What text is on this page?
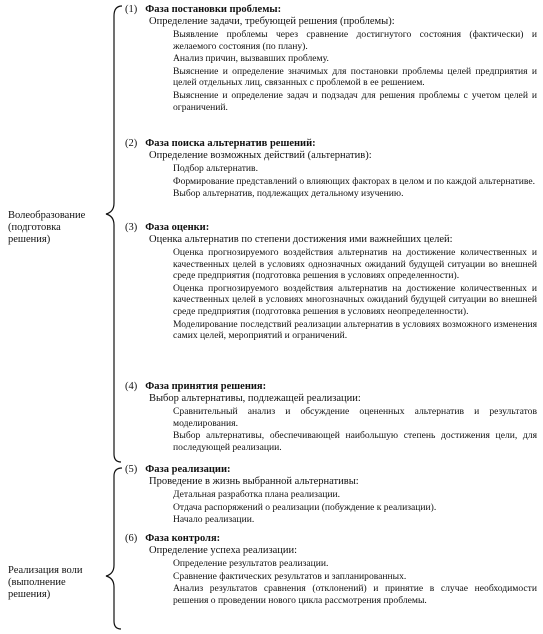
Волеобразование
(подготовка
решения)
Реализация воли
(выполнение
решения)
(1) Фаза постановки проблемы:
Определение задачи, требующей решения (проблемы):
Выявление проблемы через сравнение достигнутого состояния (фактически) и желаемого состояния (по плану).
Анализ причин, вызвавших проблему.
Выяснение и определение значимых для постановки проблемы целей предприятия и целей отдельных лиц, связанных с проблемой в ее решением.
Выяснение и определение задач и подзадач для решения проблемы с учетом целей и ограничений.
(2) Фаза поиска альтернатив решений:
Определение возможных действий (альтернатив):
Подбор альтернатив.
Формирование представлений о влияющих факторах в целом и по каждой альтернативе.
Выбор альтернатив, подлежащих детальному изучению.
(3) Фаза оценки:
Оценка альтернатив по степени достижения ими важнейших целей:
Оценка прогнозируемого воздействия альтернатив на достижение количественных и качественных целей в условиях однозначных ожиданий будущей ситуации во внешней среде предприятия (подготовка решения в условиях определенности).
Оценка прогнозируемого воздействия альтернатив на достижение количественных и качественных целей в условиях многозначных ожиданий будущей ситуации во внешней среде предприятия (подготовка решения в условиях неопределенности).
Моделирование последствий реализации альтернатив в условиях возможного изменения самих целей, мероприятий и ограничений.
(4) Фаза принятия решения:
Выбор альтернативы, подлежащей реализации:
Сравнительный анализ и обсуждение оцененных альтернатив и результатов моделирования.
Выбор альтернативы, обеспечивающей наибольшую степень достижения цели, для последующей реализации.
(5) Фаза реализации:
Проведение в жизнь выбранной альтернативы:
Детальная разработка плана реализации.
Отдача распоряжений о реализации (побуждение к реализации).
Начало реализации.
(6) Фаза контроля:
Определение успеха реализации:
Определение результатов реализации.
Сравнение фактических результатов и запланированных.
Анализ результатов сравнения (отклонений) и принятие в случае необходимости решения о проведении нового цикла рассмотрения проблемы.
